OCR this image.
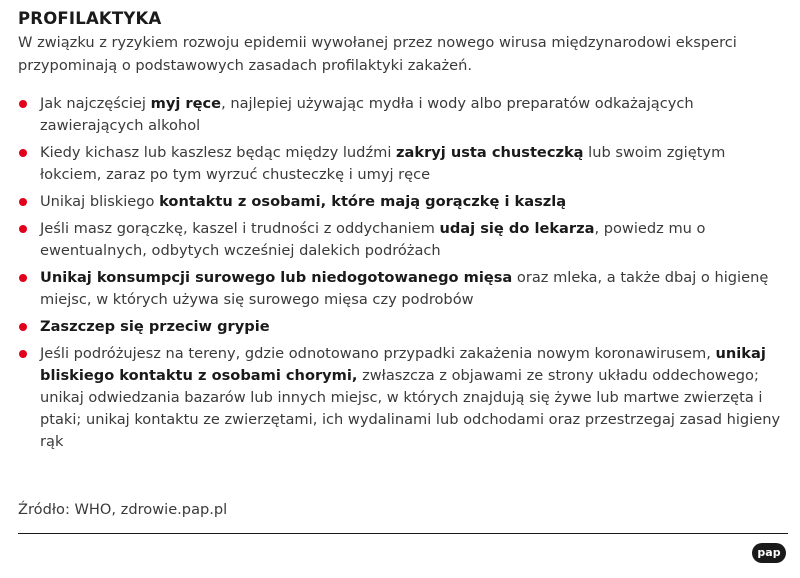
PROFILAKTYKA
W związku z ryzykiem rozwoju epidemii wywołanej przez nowego wirusa międzynarodowi eksperci przypominają o podstawowych zasadach profilaktyki zakażeń.
Jak najczęściej myj ręce, najlepiej używając mydła i wody albo preparatów odkażających zawierających alkohol
Kiedy kichasz lub kaszlesz będąc między ludźmi zakryj usta chusteczką lub swoim zgiętym łokciem, zaraz po tym wyrzuć chusteczkę i umyj ręce
Unikaj bliskiego kontaktu z osobami, które mają gorączkę i kaszlą
Jeśli masz gorączkę, kaszel i trudności z oddychaniem udaj się do lekarza, powiedz mu o ewentualnych, odbytych wcześniej dalekich podróżach
Unikaj konsumpcji surowego lub niedogotowanego mięsa oraz mleka, a także dbaj o higienę miejsc, w których używa się surowego mięsa czy podrobów
Zaszczep się przeciw grypie
Jeśli podróżujesz na tereny, gdzie odnotowano przypadki zakażenia nowym koronawirusem, unikaj bliskiego kontaktu z osobami chorymi, zwłaszcza z objawami ze strony układu oddechowego; unikaj odwiedzania bazarów lub innych miejsc, w których znajdują się żywe lub martwe zwierzęta i ptaki; unikaj kontaktu ze zwierzętami, ich wydalinami lub odchodami oraz przestrzegaj zasad higieny rąk
Źródło: WHO, zdrowie.pap.pl
pap
